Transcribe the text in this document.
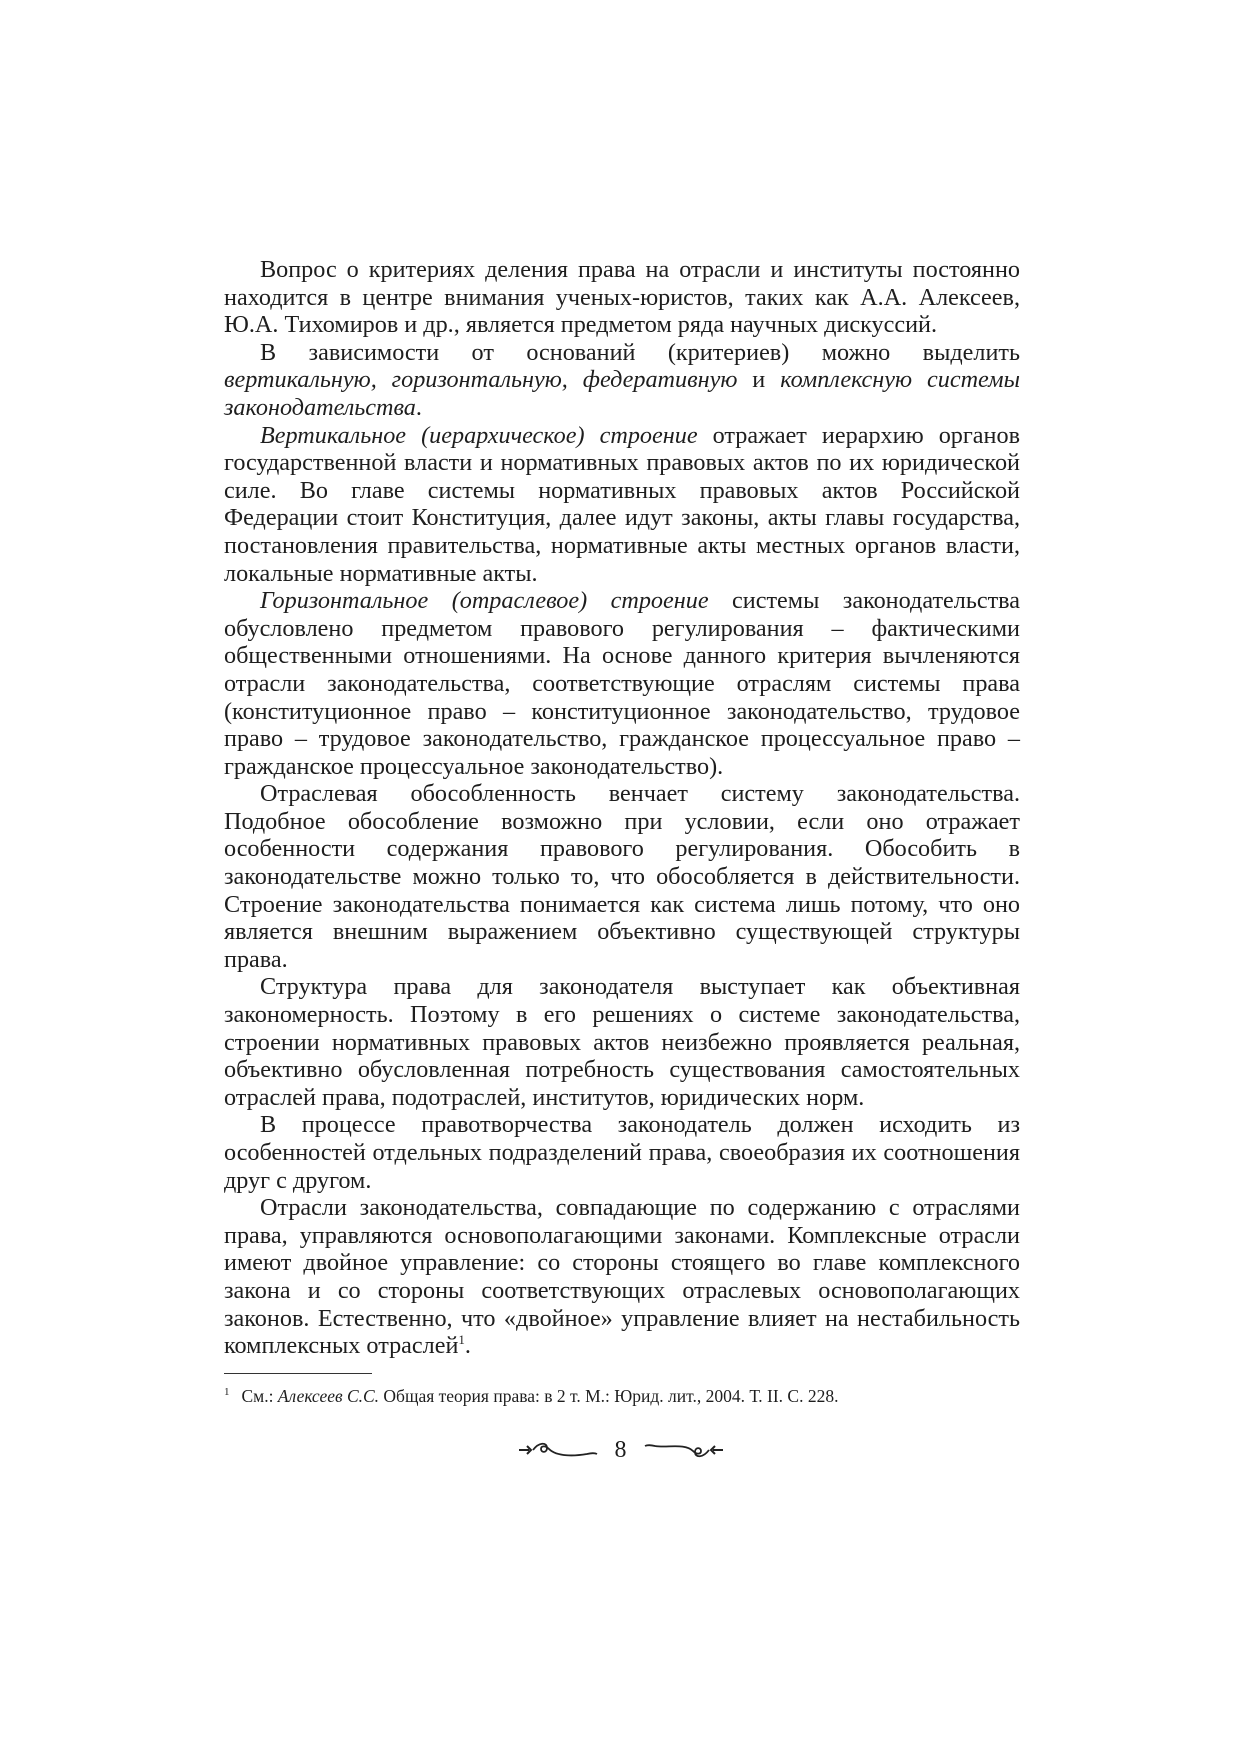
Вопрос о критериях деления права на отрасли и институты постоянно находится в центре внимания ученых-юристов, таких как А.А. Алексеев, Ю.А. Тихомиров и др., является предметом ряда научных дискуссий.

В зависимости от оснований (критериев) можно выделить вертикальную, горизонтальную, федеративную и комплексную системы законодательства.

Вертикальное (иерархическое) строение отражает иерархию органов государственной власти и нормативных правовых актов по их юридической силе. Во главе системы нормативных правовых актов Российской Федерации стоит Конституция, далее идут законы, акты главы государства, постановления правительства, нормативные акты местных органов власти, локальные нормативные акты.

Горизонтальное (отраслевое) строение системы законодательства обусловлено предметом правового регулирования – фактическими общественными отношениями. На основе данного критерия вычленяются отрасли законодательства, соответствующие отраслям системы права (конституционное право – конституционное законодательство, трудовое право – трудовое законодательство, гражданское процессуальное право – гражданское процессуальное законодательство).

Отраслевая обособленность венчает систему законодательства. Подобное обособление возможно при условии, если оно отражает особенности содержания правового регулирования. Обособить в законодательстве можно только то, что обособляется в действительности. Строение законодательства понимается как система лишь потому, что оно является внешним выражением объективно существующей структуры права.

Структура права для законодателя выступает как объективная закономерность. Поэтому в его решениях о системе законодательства, строении нормативных правовых актов неизбежно проявляется реальная, объективно обусловленная потребность существования самостоятельных отраслей права, подотраслей, институтов, юридических норм.

В процессе правотворчества законодатель должен исходить из особенностей отдельных подразделений права, своеобразия их соотношения друг с другом.

Отрасли законодательства, совпадающие по содержанию с отраслями права, управляются основополагающими законами. Комплексные отрасли имеют двойное управление: со стороны стоящего во главе комплексного закона и со стороны соответствующих отраслевых основополагающих законов. Естественно, что «двойное» управление влияет на нестабильность комплексных отраслей$^1$.

$^1$ См.: Алексеев С.С. Общая теория права: в 2 т. М.: Юрид. лит., 2004. Т. II. С. 228.
8
